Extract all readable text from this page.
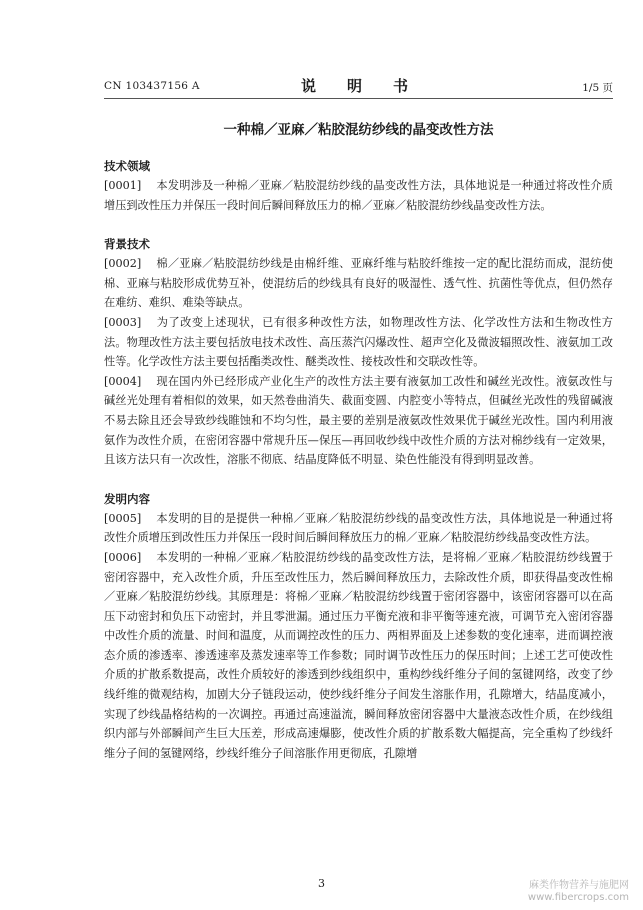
CN 103437156 A	说　明　书	1/5 页
一种棉／亚麻／粘胶混纺纱线的晶变改性方法
技术领域

[0001] 本发明涉及一种棉／亚麻／粘胶混纺纱线的晶变改性方法，具体地说是一种通过将改性介质增压到改性压力并保压一段时间后瞬间释放压力的棉／亚麻／粘胶混纺纱线晶变改性方法。

背景技术

[0002] 棉／亚麻／粘胶混纺纱线是由棉纤维、亚麻纤维与粘胶纤维按一定的配比混纺而成，混纺使棉、亚麻与粘胶形成优势互补，使混纺后的纱线具有良好的吸湿性、透气性、抗菌性等优点，但仍然存在难纺、难织、难染等缺点。

[0003] 为了改变上述现状，已有很多种改性方法，如物理改性方法、化学改性方法和生物改性方法。物理改性方法主要包括放电技术改性、高压蒸汽闪爆改性、超声空化及微波辐照改性、液氨加工改性等。化学改性方法主要包括酯类改性、醚类改性、接枝改性和交联改性等。

[0004] 现在国内外已经形成产业化生产的改性方法主要有液氨加工改性和碱丝光改性。液氨改性与碱丝光处理有着相似的效果，如天然卷曲消失、截面变圆、内腔变小等特点，但碱丝光改性的残留碱液不易去除且还会导致纱线睢蚀和不均匀性，最主要的差别是液氨改性效果优于碱丝光改性。国内利用液氨作为改性介质，在密闭容器中常规升压—保压—再回收纱线中改性介质的方法对棉纱线有一定效果，且该方法只有一次改性，溶胀不彻底、结晶度降低不明显、染色性能没有得到明显改善。

发明内容

[0005] 本发明的目的是提供一种棉／亚麻／粘胶混纺纱线的晶变改性方法，具体地说是一种通过将改性介质增压到改性压力并保压一段时间后瞬间释放压力的棉／亚麻／粘胶混纺纱线晶变改性方法。

[0006] 本发明的一种棉／亚麻／粘胶混纺纱线的晶变改性方法，是将棉／亚麻／粘胶混纺纱线置于密闭容器中，充入改性介质，升压至改性压力，然后瞬间释放压力，去除改性介质，即获得晶变改性棉／亚麻／粘胶混纺纱线。其原理是：将棉／亚麻／粘胶混纺纱线置于密闭容器中，该密闭容器可以在高压下动密封和负压下动密封，并且零泄漏。通过压力平衡充液和非平衡等速充液，可调节充入密闭容器中改性介质的流量、时间和温度，从而调控改性的压力、两相界面及上述参数的变化速率，进而调控液态介质的渗透率、渗透速率及蒸发速率等工作参数；同时调节改性压力的保压时间；上述工艺可使改性介质的扩散系数提高，改性介质较好的渗透到纱线组织中，重构纱线纤维分子间的氢键网络，改变了纱线纤维的微观结构，加剧大分子链段运动，使纱线纤维分子间发生溶胀作用，孔隙增大，结晶度减小，实现了纱线晶格结构的一次调控。再通过高速溢流，瞬间释放密闭容器中大量液态改性介质，在纱线组织内部与外部瞬间产生巨大压差，形成高速爆膨，使改性介质的扩散系数大幅提高，完全重构了纱线纤维分子间的氢键网络，纱线纤维分子间溶胀作用更彻底，孔隙增

3	麻类作物营养与施肥网
www.fibercrops.com
